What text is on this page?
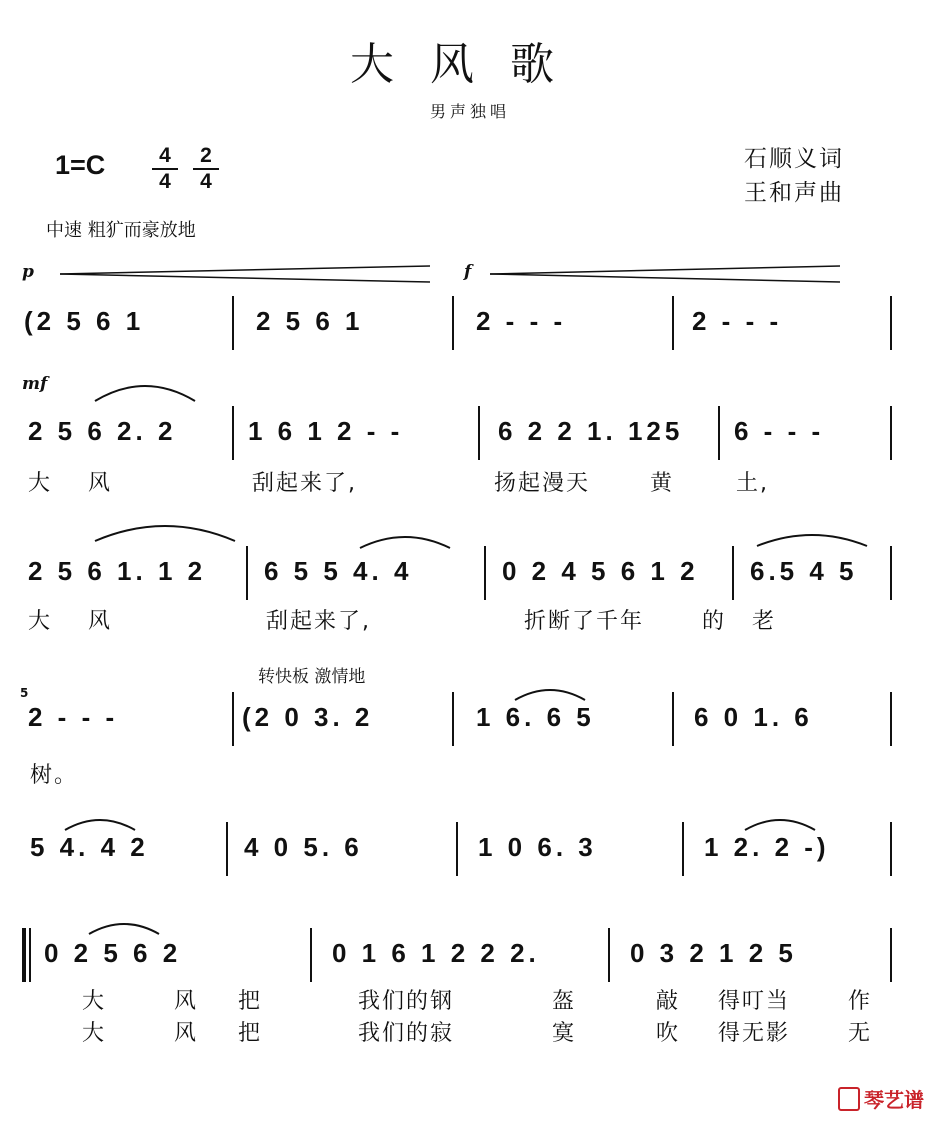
大风歌
男声独唱
1=C	4
4
2
4
石顺义词
王和声曲
中速 粗犷而豪放地
p	f
(2 5 6 1	2 5 6 1	2 - - -	2 - - -
mf
2 5 6 2. 2	1 6 1 2 - -	6 2 2 1. 125 6 - - -
大 风	刮起来了,	扬起漫天	黄	土,
2 5 6 1. 1 2 6 5 5 4. 4	0 2 4 5 6 1 2 6.5 4 5
大 风	刮起来了,	折断了千年	的 老
转快板 激情地
5
2 - - -	(2 0 3. 2	1 6. 6 5	6 0 1. 6
树。
5 4. 4 2	4 0 5. 6	1 0 6. 3	1 2. 2 -)
0 2 5 6 2	0 1 6 1 2 2 2.	0 3 2 1 2 5
大	风 把	我们的钢	盔	敲 得叮当	作
大	风 把	我们的寂	寞	吹 得无影	无
琴艺谱
